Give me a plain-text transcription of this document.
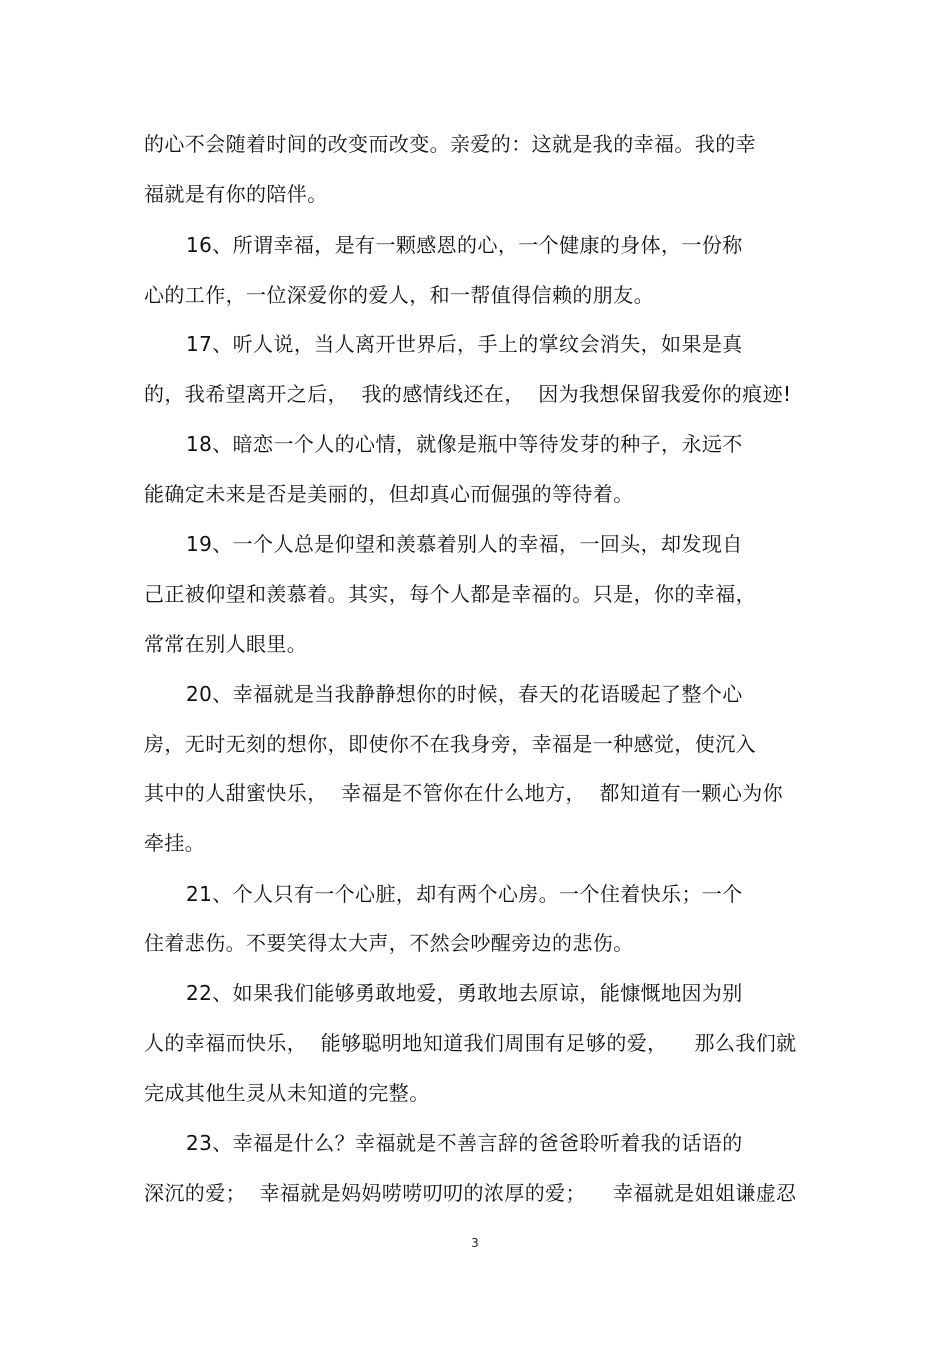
的心不会随着时间的改变而改变。亲爱的：这就是我的幸福。我的幸
福就是有你的陪伴。
16、所谓幸福，是有一颗感恩的心，一个健康的身体，一份称
心的工作，一位深爱你的爱人，和一帮值得信赖的朋友。
17、听人说，当人离开世界后，手上的掌纹会消失，如果是真
的，我希望离开之后，  我的感情线还在，  因为我想保留我爱你的痕迹!
18、暗恋一个人的心情，就像是瓶中等待发芽的种子，永远不
能确定未来是否是美丽的，但却真心而倔强的等待着。
19、一个人总是仰望和羡慕着别人的幸福，一回头，却发现自
己正被仰望和羡慕着。其实，每个人都是幸福的。只是，你的幸福，
常常在别人眼里。
20、幸福就是当我静静想你的时候，春天的花语暖起了整个心
房，无时无刻的想你，即使你不在我身旁，幸福是一种感觉，使沉入
其中的人甜蜜快乐，  幸福是不管你在什么地方，  都知道有一颗心为你
牵挂。
21、个人只有一个心脏，却有两个心房。一个住着快乐；一个
住着悲伤。不要笑得太大声，不然会吵醒旁边的悲伤。
22、如果我们能够勇敢地爱，勇敢地去原谅，能慷慨地因为别
人的幸福而快乐，  能够聪明地知道我们周围有足够的爱，    那么我们就
完成其他生灵从未知道的完整。
23、幸福是什么？幸福就是不善言辞的爸爸聆听着我的话语的
深沉的爱；  幸福就是妈妈唠唠叨叨的浓厚的爱；    幸福就是姐姐谦虚忍
3
